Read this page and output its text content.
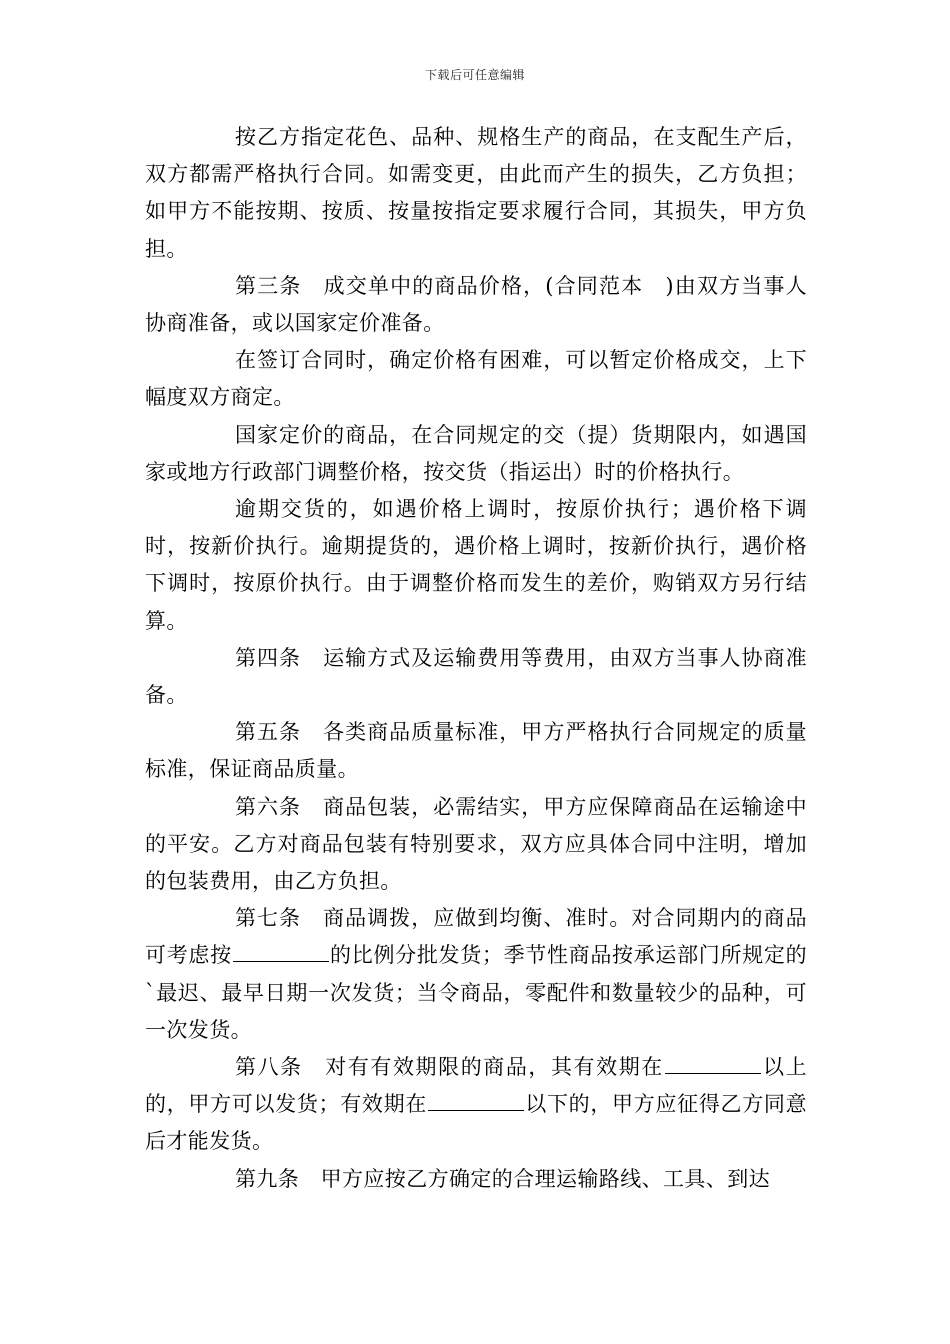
下载后可任意编辑

按乙方指定花色、品种、规格生产的商品，在支配生产后，双方都需严格执行合同。如需变更，由此而产生的损失，乙方负担；如甲方不能按期、按质、按量按指定要求履行合同，其损失，甲方负担。

第三条　成交单中的商品价格，(合同范本　)由双方当事人协商准备，或以国家定价准备。

在签订合同时，确定价格有困难，可以暂定价格成交，上下幅度双方商定。

国家定价的商品，在合同规定的交（提）货期限内，如遇国家或地方行政部门调整价格，按交货（指运出）时的价格执行。

逾期交货的，如遇价格上调时，按原价执行；遇价格下调时，按新价执行。逾期提货的，遇价格上调时，按新价执行，遇价格下调时，按原价执行。由于调整价格而发生的差价，购销双方另行结算。

第四条　运输方式及运输费用等费用，由双方当事人协商准备。

第五条　各类商品质量标准，甲方严格执行合同规定的质量标准，保证商品质量。

第六条　商品包装，必需结实，甲方应保障商品在运输途中的平安。乙方对商品包装有特别要求，双方应具体合同中注明，增加的包装费用，由乙方负担。

第七条　商品调拨，应做到均衡、准时。对合同期内的商品可考虑按	的比例分批发货；季节性商品按承运部门所规定的`最迟、最早日期一次发货；当令商品，零配件和数量较少的品种，可一次发货。

第八条　对有有效期限的商品，其有效期在	以上的，甲方可以发货；有效期在	以下的，甲方应征得乙方同意后才能发货。

第九条　甲方应按乙方确定的合理运输路线、工具、到达
